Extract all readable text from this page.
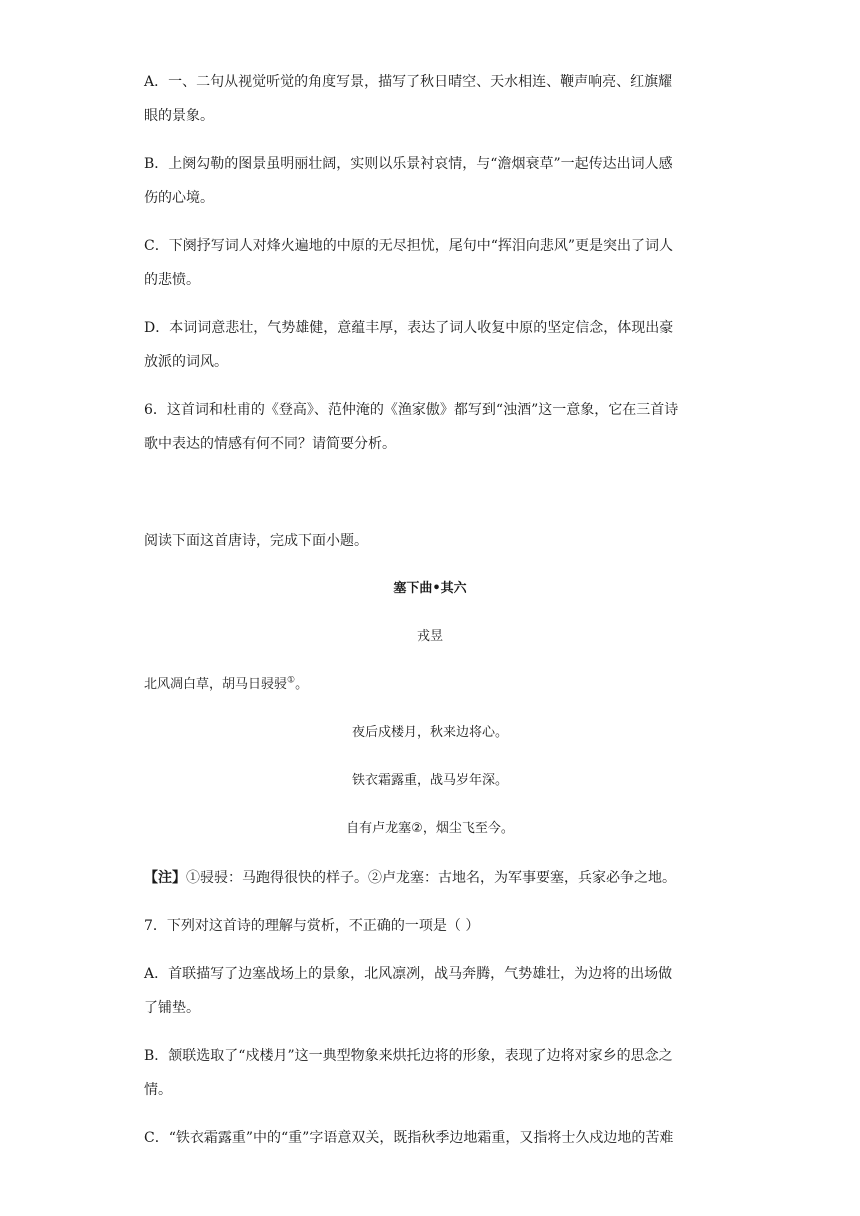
A．一、二句从视觉听觉的角度写景，描写了秋日晴空、天水相连、鞭声响亮、红旗耀

眼的景象。

B．上阕勾勒的图景虽明丽壮阔，实则以乐景衬哀情，与“澹烟衰草”一起传达出词人感

伤的心境。

C．下阕抒写词人对烽火遍地的中原的无尽担忧，尾句中“挥泪向悲风”更是突出了词人

的悲愤。

D．本词词意悲壮，气势雄健，意蕴丰厚，表达了词人收复中原的坚定信念，体现出豪

放派的词风。

6．这首词和杜甫的《登高》、范仲淹的《渔家傲》都写到“浊酒”这一意象，它在三首诗

歌中表达的情感有何不同？请简要分析。

阅读下面这首唐诗，完成下面小题。

塞下曲•其六

戎昱

北风凋白草，胡马日骎骎①。

夜后戍楼月，秋来边将心。

铁衣霜露重，战马岁年深。

自有卢龙塞②，烟尘飞至今。

【注】①骎骎：马跑得很快的样子。②卢龙塞：古地名，为军事要塞，兵家必争之地。

7．下列对这首诗的理解与赏析，不正确的一项是（ ）

A．首联描写了边塞战场上的景象，北风凛冽，战马奔腾，气势雄壮，为边将的出场做

了铺垫。

B．颔联选取了“戍楼月”这一典型物象来烘托边将的形象，表现了边将对家乡的思念之

情。

C．“铁衣霜露重”中的“重”字语意双关，既指秋季边地霜重，又指将士久戍边地的苦难
